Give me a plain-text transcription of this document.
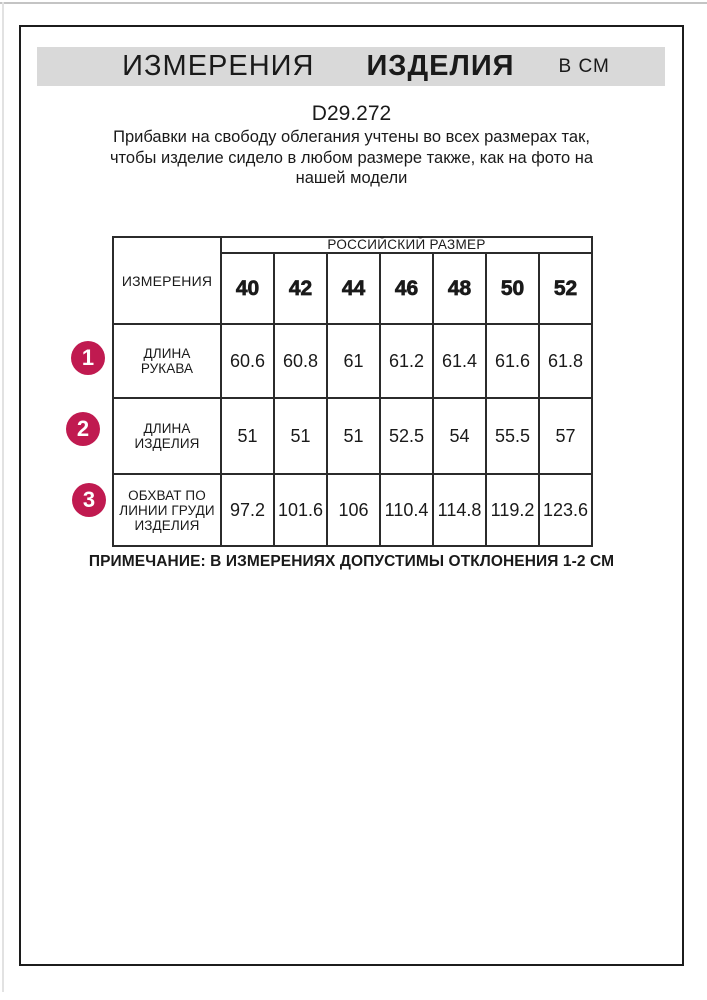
ИЗМЕРЕНИЯ ИЗДЕЛИЯ В СМ
D29.272
Прибавки на свободу облегания учтены во всех размерах так,
чтобы изделие сидело в любом размере также, как на фото на
нашей модели
ИЗМЕРЕНИЯ	РОССИЙСКИЙ РАЗМЕР						
	40	42	44	46	48	50	52
ДЛИНА РУКАВА	60.6	60.8	61	61.2	61.4	61.6	61.8
ДЛИНА ИЗДЕЛИЯ	51	51	51	52.5	54	55.5	57
ОБХВАТ ПО ЛИНИИ ГРУДИ ИЗДЕЛИЯ	97.2	101.6	106	110.4	114.8	119.2	123.6
1
2
3
ПРИМЕЧАНИЕ: В ИЗМЕРЕНИЯХ ДОПУСТИМЫ ОТКЛОНЕНИЯ 1-2 СМ
